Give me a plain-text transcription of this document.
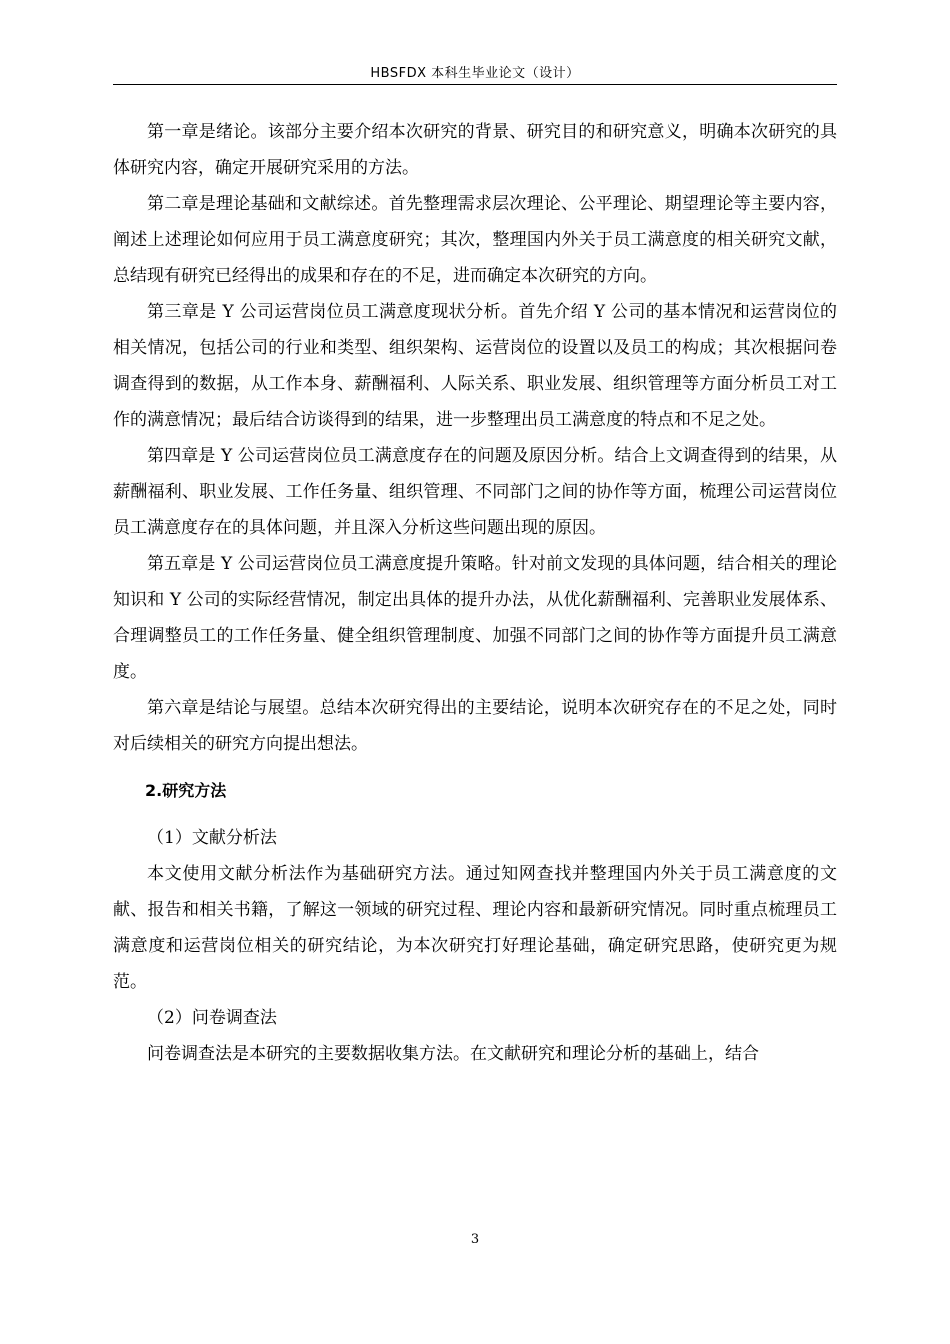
HBSFDX 本科生毕业论文（设计）

第一章是绪论。该部分主要介绍本次研究的背景、研究目的和研究意义，明确本次研究的具体研究内容，确定开展研究采用的方法。

第二章是理论基础和文献综述。首先整理需求层次理论、公平理论、期望理论等主要内容，阐述上述理论如何应用于员工满意度研究；其次，整理国内外关于员工满意度的相关研究文献，总结现有研究已经得出的成果和存在的不足，进而确定本次研究的方向。

第三章是 Y 公司运营岗位员工满意度现状分析。首先介绍 Y 公司的基本情况和运营岗位的相关情况，包括公司的行业和类型、组织架构、运营岗位的设置以及员工的构成；其次根据问卷调查得到的数据，从工作本身、薪酬福利、人际关系、职业发展、组织管理等方面分析员工对工作的满意情况；最后结合访谈得到的结果，进一步整理出员工满意度的特点和不足之处。

第四章是 Y 公司运营岗位员工满意度存在的问题及原因分析。结合上文调查得到的结果，从薪酬福利、职业发展、工作任务量、组织管理、不同部门之间的协作等方面，梳理公司运营岗位员工满意度存在的具体问题，并且深入分析这些问题出现的原因。

第五章是 Y 公司运营岗位员工满意度提升策略。针对前文发现的具体问题，结合相关的理论知识和 Y 公司的实际经营情况，制定出具体的提升办法，从优化薪酬福利、完善职业发展体系、合理调整员工的工作任务量、健全组织管理制度、加强不同部门之间的协作等方面提升员工满意度。

第六章是结论与展望。总结本次研究得出的主要结论，说明本次研究存在的不足之处，同时对后续相关的研究方向提出想法。

2.研究方法

（1）文献分析法

本文使用文献分析法作为基础研究方法。通过知网查找并整理国内外关于员工满意度的文献、报告和相关书籍，了解这一领域的研究过程、理论内容和最新研究情况。同时重点梳理员工满意度和运营岗位相关的研究结论，为本次研究打好理论基础，确定研究思路，使研究更为规范。

（2）问卷调查法

问卷调查法是本研究的主要数据收集方法。在文献研究和理论分析的基础上，结合

3
